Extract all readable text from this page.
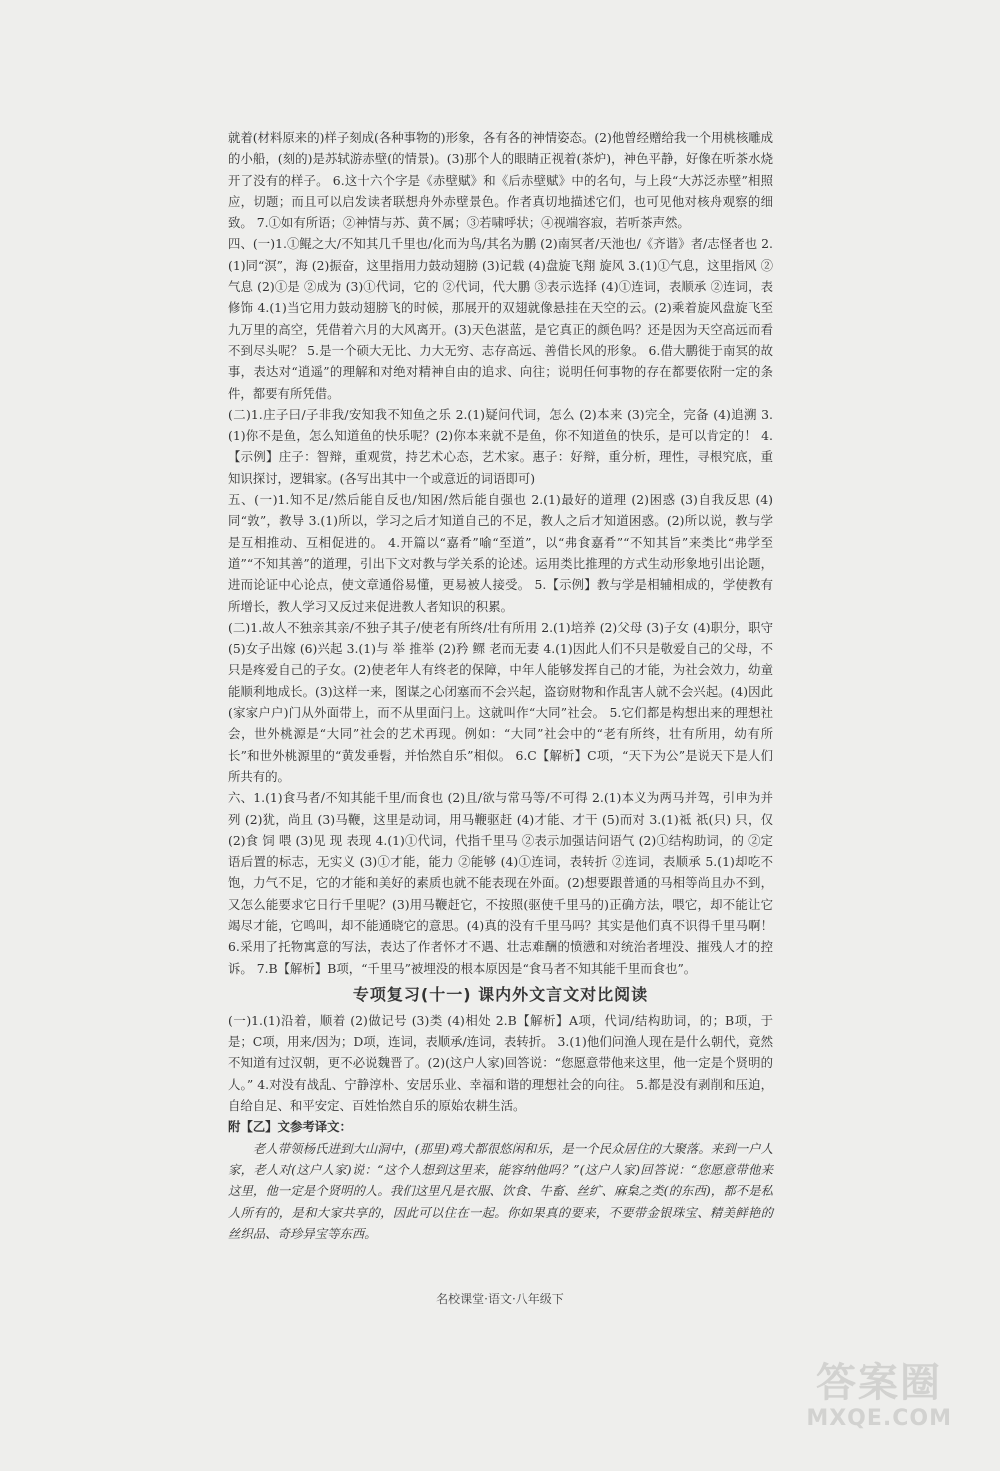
就着(材料原来的)样子刻成(各种事物的)形象，各有各的神情姿态。(2)他曾经赠给我一个用桃核雕成的小船，(刻的)是苏轼游赤壁(的情景)。(3)那个人的眼睛正视着(茶炉)，神色平静，好像在听茶水烧开了没有的样子。 6.这十六个字是《赤壁赋》和《后赤壁赋》中的名句，与上段“大苏泛赤壁”相照应，切题；而且可以启发读者联想舟外赤壁景色。作者真切地描述它们，也可见他对核舟观察的细致。 7.①如有所语；②神情与苏、黄不属；③若啸呼状；④视端容寂，若听茶声然。

四、(一)1.①鲲之大/不知其几千里也/化而为鸟/其名为鹏 (2)南冥者/天池也/《齐谐》者/志怪者也 2.(1)同“溟”，海 (2)振奋，这里指用力鼓动翅膀 (3)记载 (4)盘旋飞翔 旋风 3.(1)①气息，这里指风 ②气息 (2)①是 ②成为 (3)①代词，它的 ②代词，代大鹏 ③表示选择 (4)①连词，表顺承 ②连词，表修饰 4.(1)当它用力鼓动翅膀飞的时候，那展开的双翅就像悬挂在天空的云。(2)乘着旋风盘旋飞至九万里的高空，凭借着六月的大风离开。(3)天色湛蓝，是它真正的颜色吗？还是因为天空高远而看不到尽头呢？ 5.是一个硕大无比、力大无穷、志存高远、善借长风的形象。 6.借大鹏徙于南冥的故事，表达对“逍遥”的理解和对绝对精神自由的追求、向往；说明任何事物的存在都要依附一定的条件，都要有所凭借。

(二)1.庄子曰/子非我/安知我不知鱼之乐 2.(1)疑问代词，怎么 (2)本来 (3)完全，完备 (4)追溯 3.(1)你不是鱼，怎么知道鱼的快乐呢？(2)你本来就不是鱼，你不知道鱼的快乐，是可以肯定的！ 4.【示例】庄子：智辩，重观赏，持艺术心态，艺术家。惠子：好辩，重分析，理性，寻根究底，重知识探讨，逻辑家。(各写出其中一个或意近的词语即可)

五、(一)1.知不足/然后能自反也/知困/然后能自强也 2.(1)最好的道理 (2)困惑 (3)自我反思 (4)同“敦”，教导 3.(1)所以，学习之后才知道自己的不足，教人之后才知道困惑。(2)所以说，教与学是互相推动、互相促进的。 4.开篇以“嘉肴”喻“至道”，以“弗食嘉肴”“不知其旨”来类比“弗学至道”“不知其善”的道理，引出下文对教与学关系的论述。运用类比推理的方式生动形象地引出论题，进而论证中心论点，使文章通俗易懂，更易被人接受。 5.【示例】教与学是相辅相成的，学使教有所增长，教人学习又反过来促进教人者知识的积累。

(二)1.故人不独亲其亲/不独子其子/使老有所终/壮有所用 2.(1)培养 (2)父母 (3)子女 (4)职分，职守 (5)女子出嫁 (6)兴起 3.(1)与 举 推举 (2)矜 鳏 老而无妻 4.(1)因此人们不只是敬爱自己的父母，不只是疼爱自己的子女。(2)使老年人有终老的保障，中年人能够发挥自己的才能，为社会效力，幼童能顺利地成长。(3)这样一来，图谋之心闭塞而不会兴起，盗窃财物和作乱害人就不会兴起。(4)因此(家家户户)门从外面带上，而不从里面闩上。这就叫作“大同”社会。 5.它们都是构想出来的理想社会，世外桃源是“大同”社会的艺术再现。例如：“大同”社会中的“老有所终，壮有所用，幼有所长”和世外桃源里的“黄发垂髫，并怡然自乐”相似。 6.C【解析】C项，“天下为公”是说天下是人们所共有的。

六、1.(1)食马者/不知其能千里/而食也 (2)且/欲与常马等/不可得 2.(1)本义为两马并驾，引申为并列 (2)犹，尚且 (3)马鞭，这里是动词，用马鞭驱赶 (4)才能、才干 (5)而对 3.(1)祗 祇(只) 只，仅 (2)食 饲 喂 (3)见 现 表现 4.(1)①代词，代指千里马 ②表示加强诘问语气 (2)①结构助词，的 ②定语后置的标志，无实义 (3)①才能，能力 ②能够 (4)①连词，表转折 ②连词，表顺承 5.(1)却吃不饱，力气不足，它的才能和美好的素质也就不能表现在外面。(2)想要跟普通的马相等尚且办不到，又怎么能要求它日行千里呢？(3)用马鞭赶它，不按照(驱使千里马的)正确方法，喂它，却不能让它竭尽才能，它鸣叫，却不能通晓它的意思。(4)真的没有千里马吗？其实是他们真不识得千里马啊！ 6.采用了托物寓意的写法，表达了作者怀才不遇、壮志难酬的愤懑和对统治者埋没、摧残人才的控诉。 7.B【解析】B项，“千里马”被埋没的根本原因是“食马者不知其能千里而食也”。

专项复习(十一) 课内外文言文对比阅读

(一)1.(1)沿着，顺着 (2)做记号 (3)类 (4)相处 2.B【解析】A项，代词/结构助词，的；B项，于是；C项，用来/因为；D项，连词，表顺承/连词，表转折。 3.(1)他们问渔人现在是什么朝代，竟然不知道有过汉朝，更不必说魏晋了。(2)(这户人家)回答说：“您愿意带他来这里，他一定是个贤明的人。” 4.对没有战乱、宁静淳朴、安居乐业、幸福和谐的理想社会的向往。 5.都是没有剥削和压迫，自给自足、和平安定、百姓怡然自乐的原始农耕生活。

附【乙】文参考译文：

老人带领杨氏进到大山洞中，(那里)鸡犬都很悠闲和乐，是一个民众居住的大聚落。来到一户人家，老人对(这户人家)说：“这个人想到这里来，能容纳他吗？”(这户人家)回答说：“您愿意带他来这里，他一定是个贤明的人。我们这里凡是衣服、饮食、牛畜、丝纩、麻枲之类(的东西)，都不是私人所有的，是和大家共享的，因此可以住在一起。你如果真的要来，不要带金银珠宝、精美鲜艳的丝织品、奇珍异宝等东西。

名校课堂·语文·八年级下
答案圈
MXQE.COM
